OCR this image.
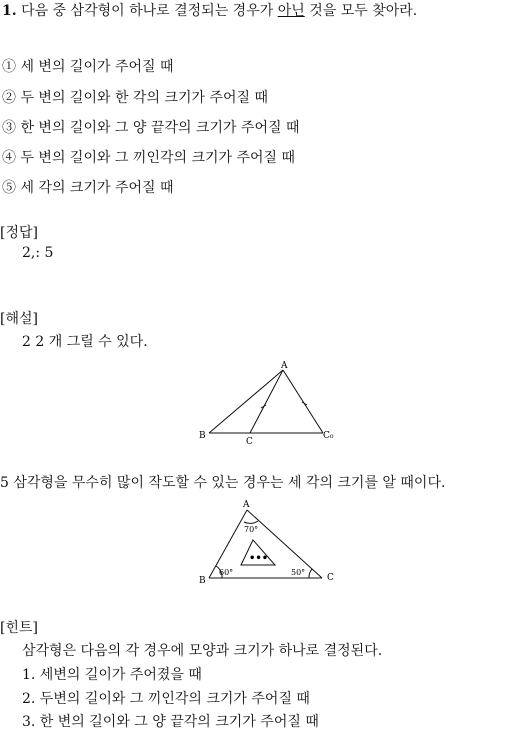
1. 다음 중 삼각형이 하나로 결정되는 경우가 아닌 것을 모두 찾아라.
① 세 변의 길이가 주어질 때
② 두 변의 길이와 한 각의 크기가 주어질 때
③ 한 변의 길이와 그 양 끝각의 크기가 주어질 때
④ 두 변의 길이와 그 끼인각의 크기가 주어질 때
⑤ 세 각의 크기가 주어질 때
[정답]
2,: 5
[해설]
2 2 개 그릴 수 있다.
A
B
C
C₀
5 삼각형을 무수히 많이 작도할 수 있는 경우는 세 각의 크기를 알 때이다.
A
B	C
70°
60°	50°
•••
[힌트]
삼각형은 다음의 각 경우에 모양과 크기가 하나로 결정된다.
1. 세변의 길이가 주어졌을 때
2. 두변의 길이와 그 끼인각의 크기가 주어질 때
3. 한 변의 길이와 그 양 끝각의 크기가 주어질 때
